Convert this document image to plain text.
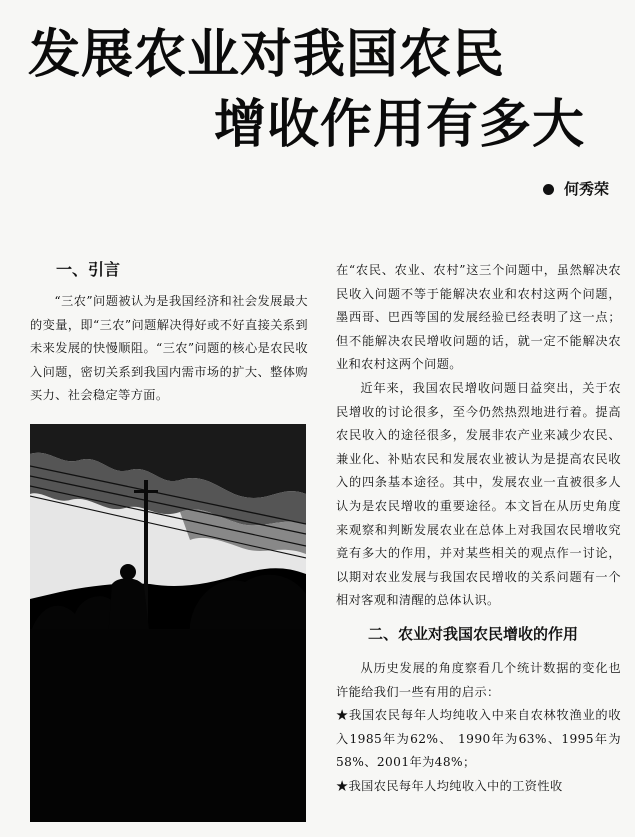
发展农业对我国农民
增收作用有多大
何秀荣
一、引言

“三农”问题被认为是我国经济和社会发展最大的变量，即“三农”问题解决得好或不好直接关系到未来发展的快慢顺阻。“三农”问题的核心是农民收入问题，密切关系到我国内需市场的扩大、整体购买力、社会稳定等方面。

在“农民、农业、农村”这三个问题中，虽然解决农民收入问题不等于能解决农业和农村这两个问题，墨西哥、巴西等国的发展经验已经表明了这一点；但不能解决农民增收问题的话，就一定不能解决农业和农村这两个问题。

近年来，我国农民增收问题日益突出，关于农民增收的讨论很多，至今仍然热烈地进行着。提高农民收入的途径很多，发展非农产业来减少农民、兼业化、补贴农民和发展农业被认为是提高农民收入的四条基本途径。其中，发展农业一直被很多人认为是农民增收的重要途径。本文旨在从历史角度来观察和判断发展农业在总体上对我国农民增收究竟有多大的作用，并对某些相关的观点作一讨论，以期对农业发展与我国农民增收的关系问题有一个相对客观和清醒的总体认识。

二、农业对我国农民增收的作用

从历史发展的角度察看几个统计数据的变化也许能给我们一些有用的启示：

★我国农民每年人均纯收入中来自农林牧渔业的收入1985年为62%、 1990年为63%、1995年为58%、2001年为48%；

★我国农民每年人均纯收入中的工资性收
